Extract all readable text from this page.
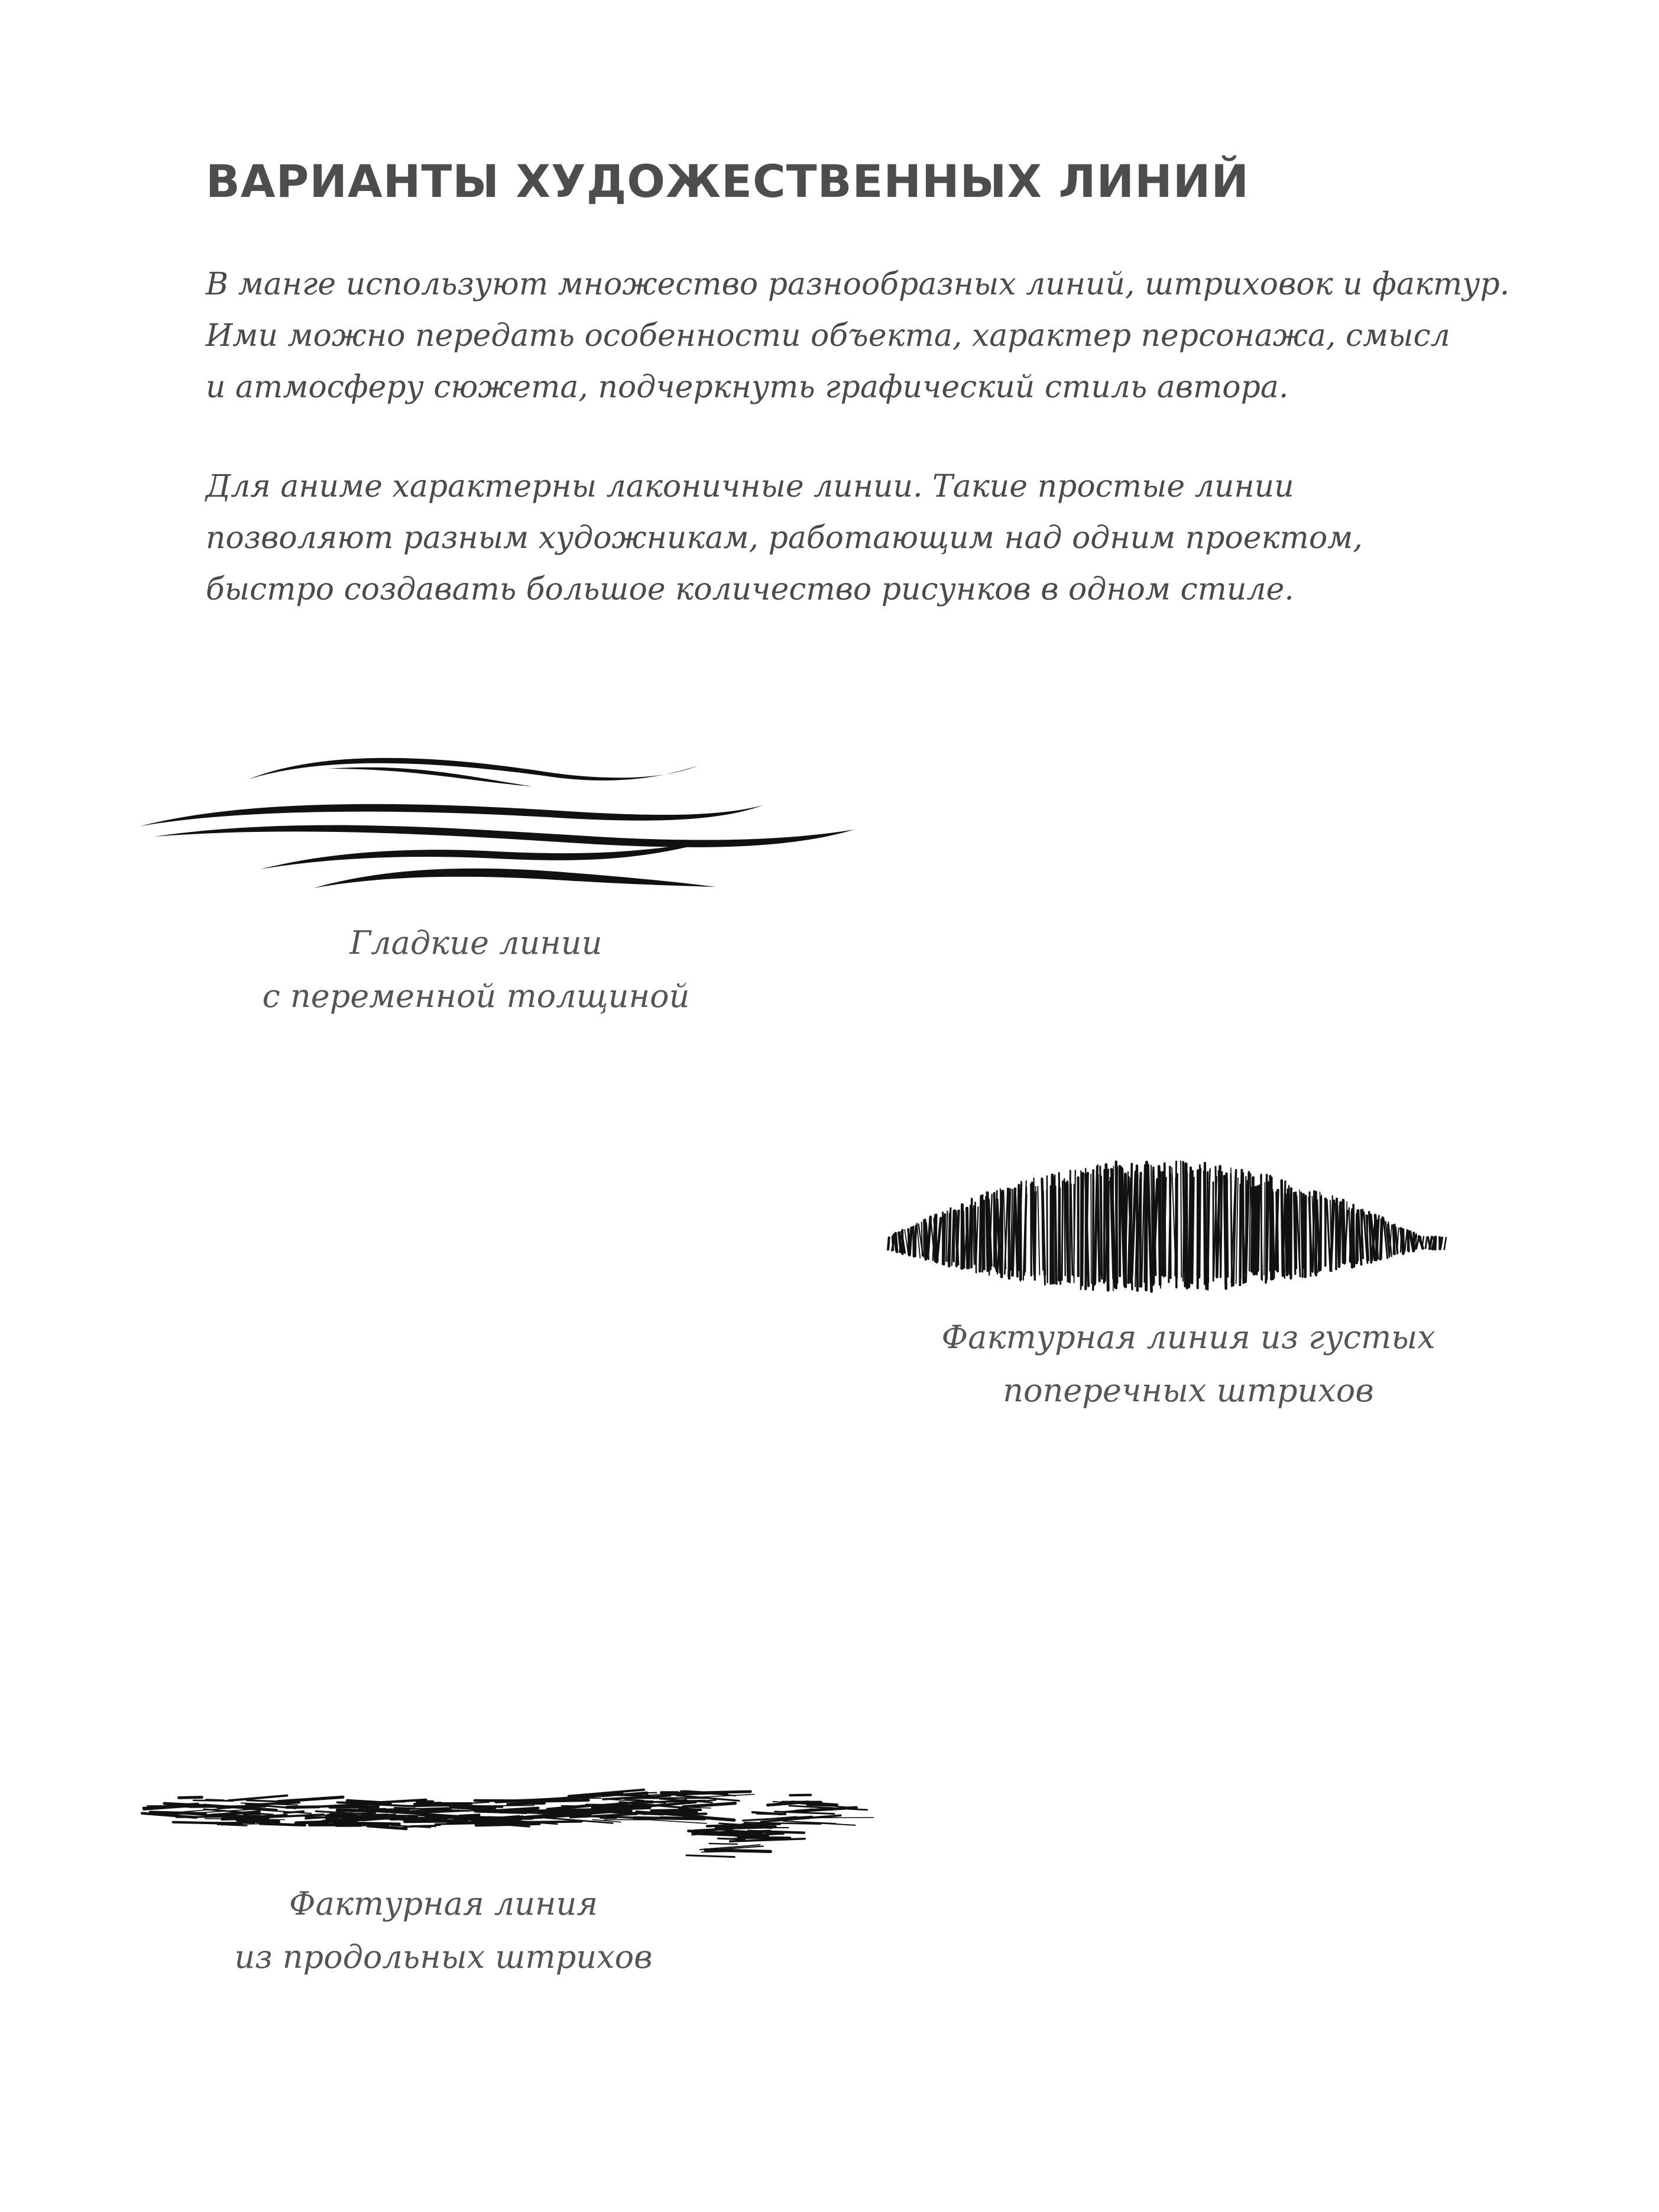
ВАРИАНТЫ ХУДОЖЕСТВЕННЫХ ЛИНИЙ

В манге используют множество разнообразных линий, штриховок и фактур.
Ими можно передать особенности объекта, характер персонажа, смысл
и атмосферу сюжета, подчеркнуть графический стиль автора.

Для аниме характерны лаконичные линии. Такие простые линии
позволяют разным художникам, работающим над одним проектом,
быстро создавать большое количество рисунков в одном стиле.

Гладкие линии
с переменной толщиной
Фактурная линия из густых
поперечных штрихов
Фактурная линия
из продольных штрихов
